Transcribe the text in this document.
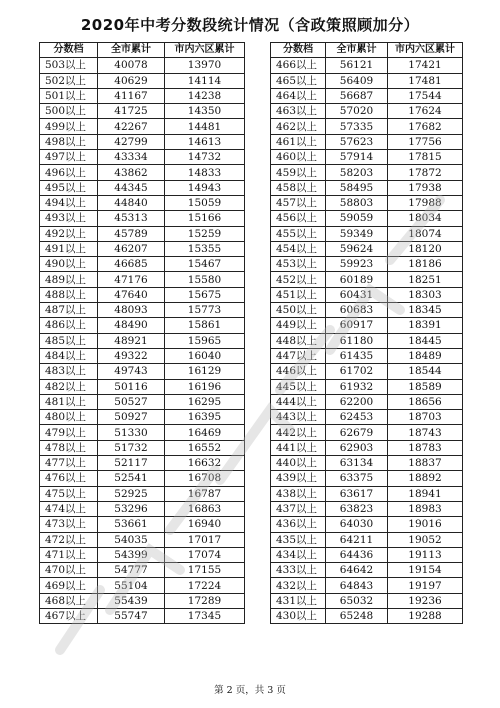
2020年中考分数段统计情况（含政策照顾加分）
分数档	全市累计	市内六区累计
503以上	40078	13970
502以上	40629	14114
501以上	41167	14238
500以上	41725	14350
499以上	42267	14481
498以上	42799	14613
497以上	43334	14732
496以上	43862	14833
495以上	44345	14943
494以上	44840	15059
493以上	45313	15166
492以上	45789	15259
491以上	46207	15355
490以上	46685	15467
489以上	47176	15580
488以上	47640	15675
487以上	48093	15773
486以上	48490	15861
485以上	48921	15965
484以上	49322	16040
483以上	49743	16129
482以上	50116	16196
481以上	50527	16295
480以上	50927	16395
479以上	51330	16469
478以上	51732	16552
477以上	52117	16632
476以上	52541	16708
475以上	52925	16787
474以上	53296	16863
473以上	53661	16940
472以上	54035	17017
471以上	54399	17074
470以上	54777	17155
469以上	55104	17224
468以上	55439	17289
467以上	55747	17345
分数档	全市累计	市内六区累计
466以上	56121	17421
465以上	56409	17481
464以上	56687	17544
463以上	57020	17624
462以上	57335	17682
461以上	57623	17756
460以上	57914	17815
459以上	58203	17872
458以上	58495	17938
457以上	58803	17988
456以上	59059	18034
455以上	59349	18074
454以上	59624	18120
453以上	59923	18186
452以上	60189	18251
451以上	60431	18303
450以上	60683	18345
449以上	60917	18391
448以上	61180	18445
447以上	61435	18489
446以上	61702	18544
445以上	61932	18589
444以上	62200	18656
443以上	62453	18703
442以上	62679	18743
441以上	62903	18783
440以上	63134	18837
439以上	63375	18892
438以上	63617	18941
437以上	63823	18983
436以上	64030	19016
435以上	64211	19052
434以上	64436	19113
433以上	64642	19154
432以上	64843	19197
431以上	65032	19236
430以上	65248	19288
第 2 页，共 3 页
